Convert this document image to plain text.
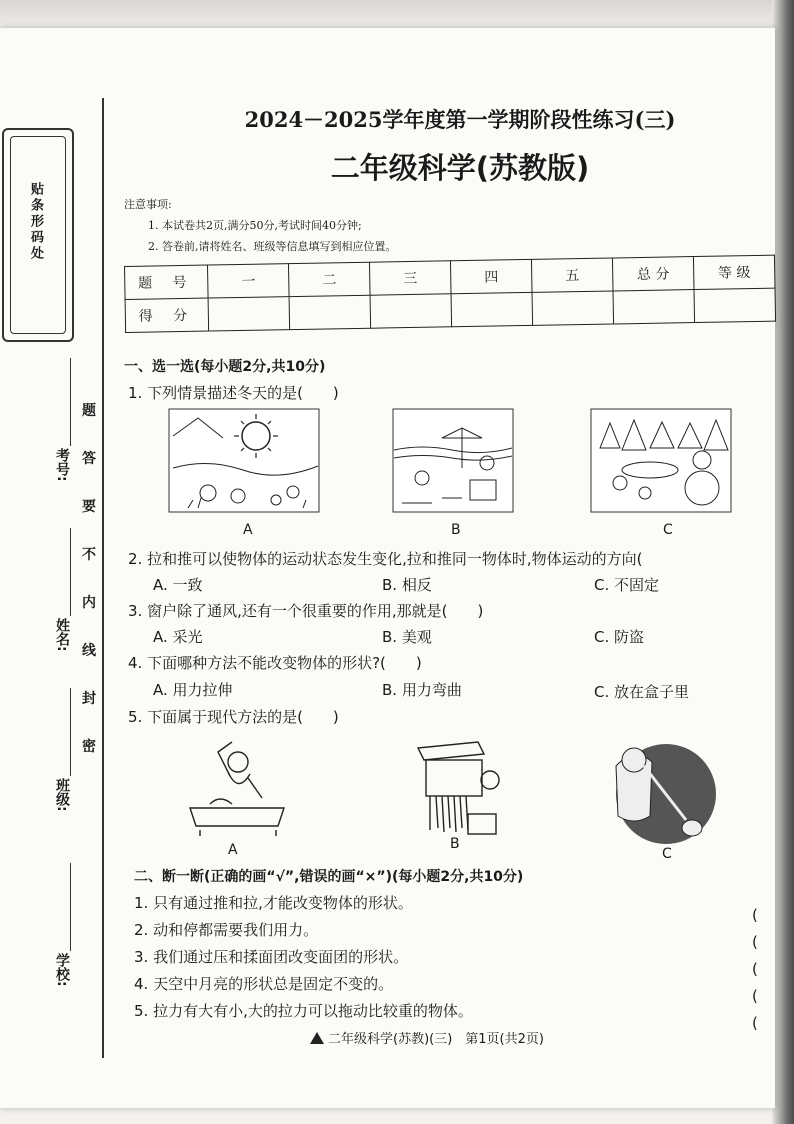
贴条形码处
题
答
要
不
内
线
封
密
考号:
姓名:
班级:
学校:
2024－2025学年度第一学期阶段性练习(三)
二年级科学(苏教版)
注意事项:
1. 本试卷共2页,满分50分,考试时间40分钟;
2. 答卷前,请将姓名、班级等信息填写到相应位置。
题 号	一	二	三	四	五	总 分	等 级
得 分							
一、选一选(每小题2分,共10分)
1. 下列情景描述冬天的是(　　)
A	B	C
2. 拉和推可以使物体的运动状态发生变化,拉和推同一物体时,物体运动的方向(
A. 一致	B. 相反	C. 不固定
3. 窗户除了通风,还有一个很重要的作用,那就是(　　)
A. 采光	B. 美观	C. 防盗
4. 下面哪种方法不能改变物体的形状?(　　)
A. 用力拉伸	B. 用力弯曲	C. 放在盒子里
5. 下面属于现代方法的是(　　)
A	B
C
二、断一断(正确的画“√”,错误的画“×”)(每小题2分,共10分)
1. 只有通过推和拉,才能改变物体的形状。
2. 动和停都需要我们用力。
3. 我们通过压和揉面团改变面团的形状。
4. 天空中月亮的形状总是固定不变的。
5. 拉力有大有小,大的拉力可以拖动比较重的物体。
(
(
(
(
(
二年级科学(苏教)(三)　第1页(共2页)
